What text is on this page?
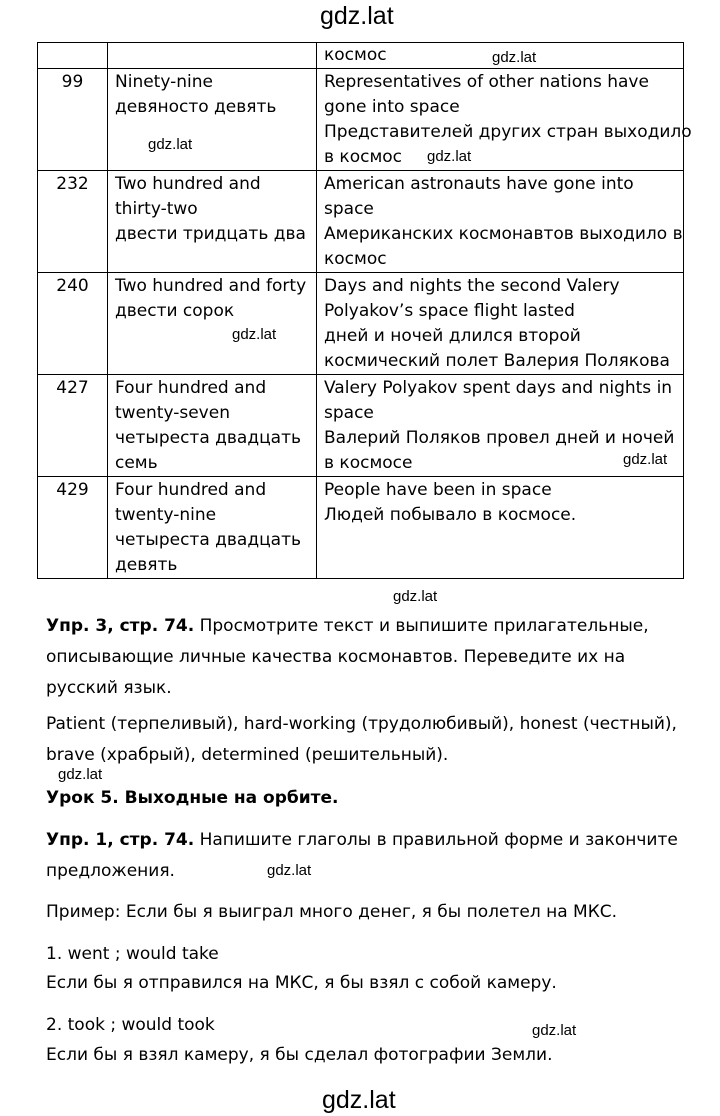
gdz.lat
gdz.lat
gdz.lat
gdz.lat
gdz.lat
gdz.lat
gdz.lat
gdz.lat
gdz.lat
gdz.lat
gdz.lat

		космос

99	Ninety-nine
девяносто девять	Representatives of other nations have
gone into space
Представителей других стран выходило
в космос

232	Two hundred and
thirty-two
двести тридцать два	American astronauts have gone into
space
Американских космонавтов выходило в
космос

240	Two hundred and forty
двести сорок	Days and nights the second Valery
Polyakov’s space flight lasted
дней и ночей длился второй
космический полет Валерия Полякова

427	Four hundred and
twenty-seven
четыреста двадцать
семь	Valery Polyakov spent days and nights in
space
Валерий Поляков провел дней и ночей
в космосе

429	Four hundred and
twenty-nine
четыреста двадцать
девять	People have been in space
Людей побывало в космосе.
Упр. 3, стр. 74. Просмотрите текст и выпишите прилагательные, описывающие личные качества космонавтов. Переведите их на русский язык.
Patient (терпеливый), hard-working (трудолюбивый), honest (честный), brave (храбрый), determined (решительный).
Урок 5. Выходные на орбите.
Упр. 1, стр. 74. Напишите глаголы в правильной форме и закончите предложения.
Пример: Если бы я выиграл много денег, я бы полетел на МКС.
1. went ; would take
Если бы я отправился на МКС, я бы взял с собой камеру.
2. took ; would took
Если бы я взял камеру, я бы сделал фотографии Земли.
